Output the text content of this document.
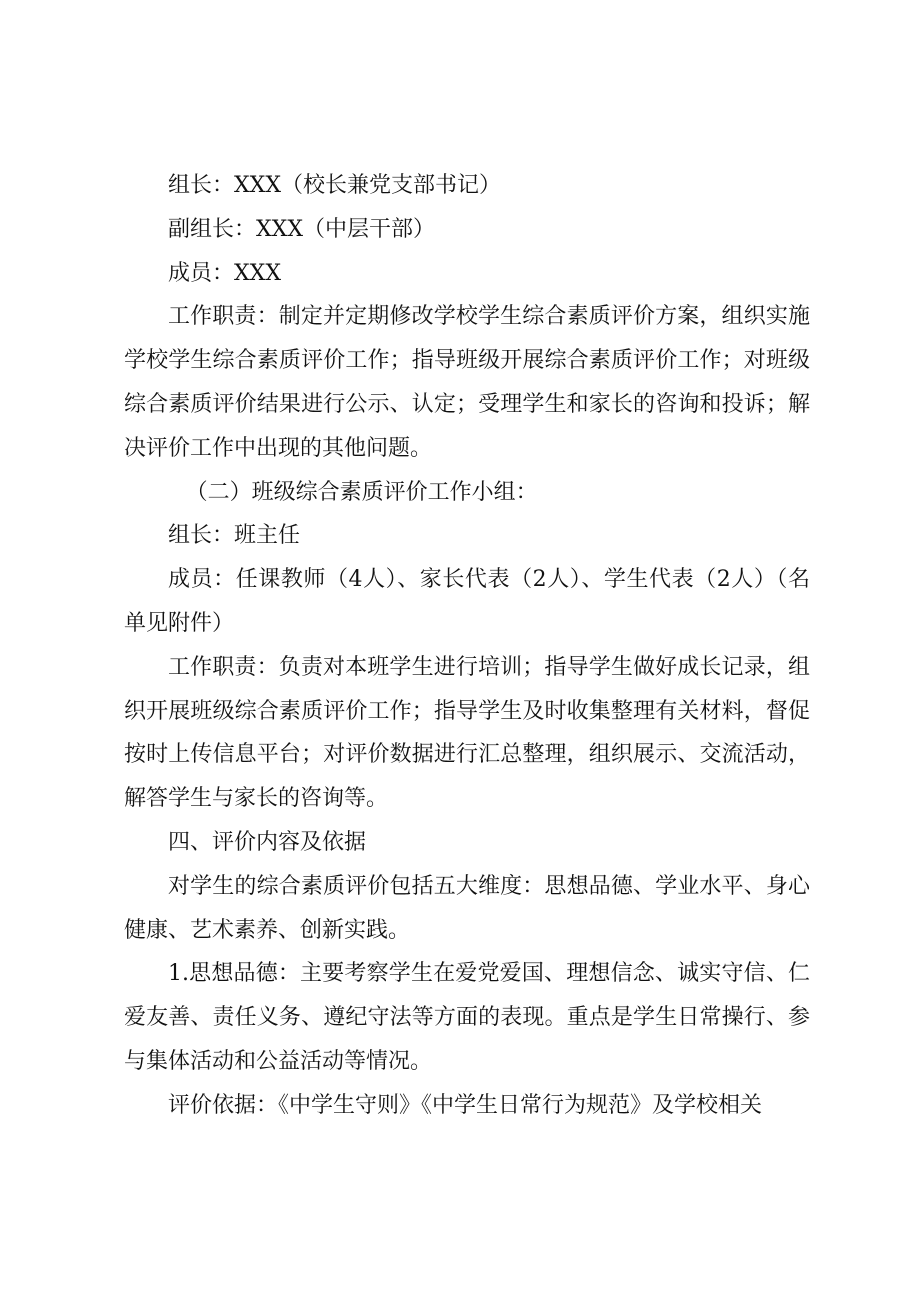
组长：XXX（校长兼党支部书记）

副组长：XXX（中层干部）

成员：XXX

工作职责：制定并定期修改学校学生综合素质评价方案，组织实施学校学生综合素质评价工作；指导班级开展综合素质评价工作；对班级综合素质评价结果进行公示、认定；受理学生和家长的咨询和投诉；解决评价工作中出现的其他问题。

（二）班级综合素质评价工作小组：

组长：班主任

成员：任课教师（4人）、家长代表（2人）、学生代表（2人）（名单见附件）

工作职责：负责对本班学生进行培训；指导学生做好成长记录，组织开展班级综合素质评价工作；指导学生及时收集整理有关材料，督促按时上传信息平台；对评价数据进行汇总整理，组织展示、交流活动，解答学生与家长的咨询等。

四、评价内容及依据

对学生的综合素质评价包括五大维度：思想品德、学业水平、身心健康、艺术素养、创新实践。

1.思想品德：主要考察学生在爱党爱国、理想信念、诚实守信、仁爱友善、责任义务、遵纪守法等方面的表现。重点是学生日常操行、参与集体活动和公益活动等情况。

评价依据：《中学生守则》《中学生日常行为规范》及学校相关
